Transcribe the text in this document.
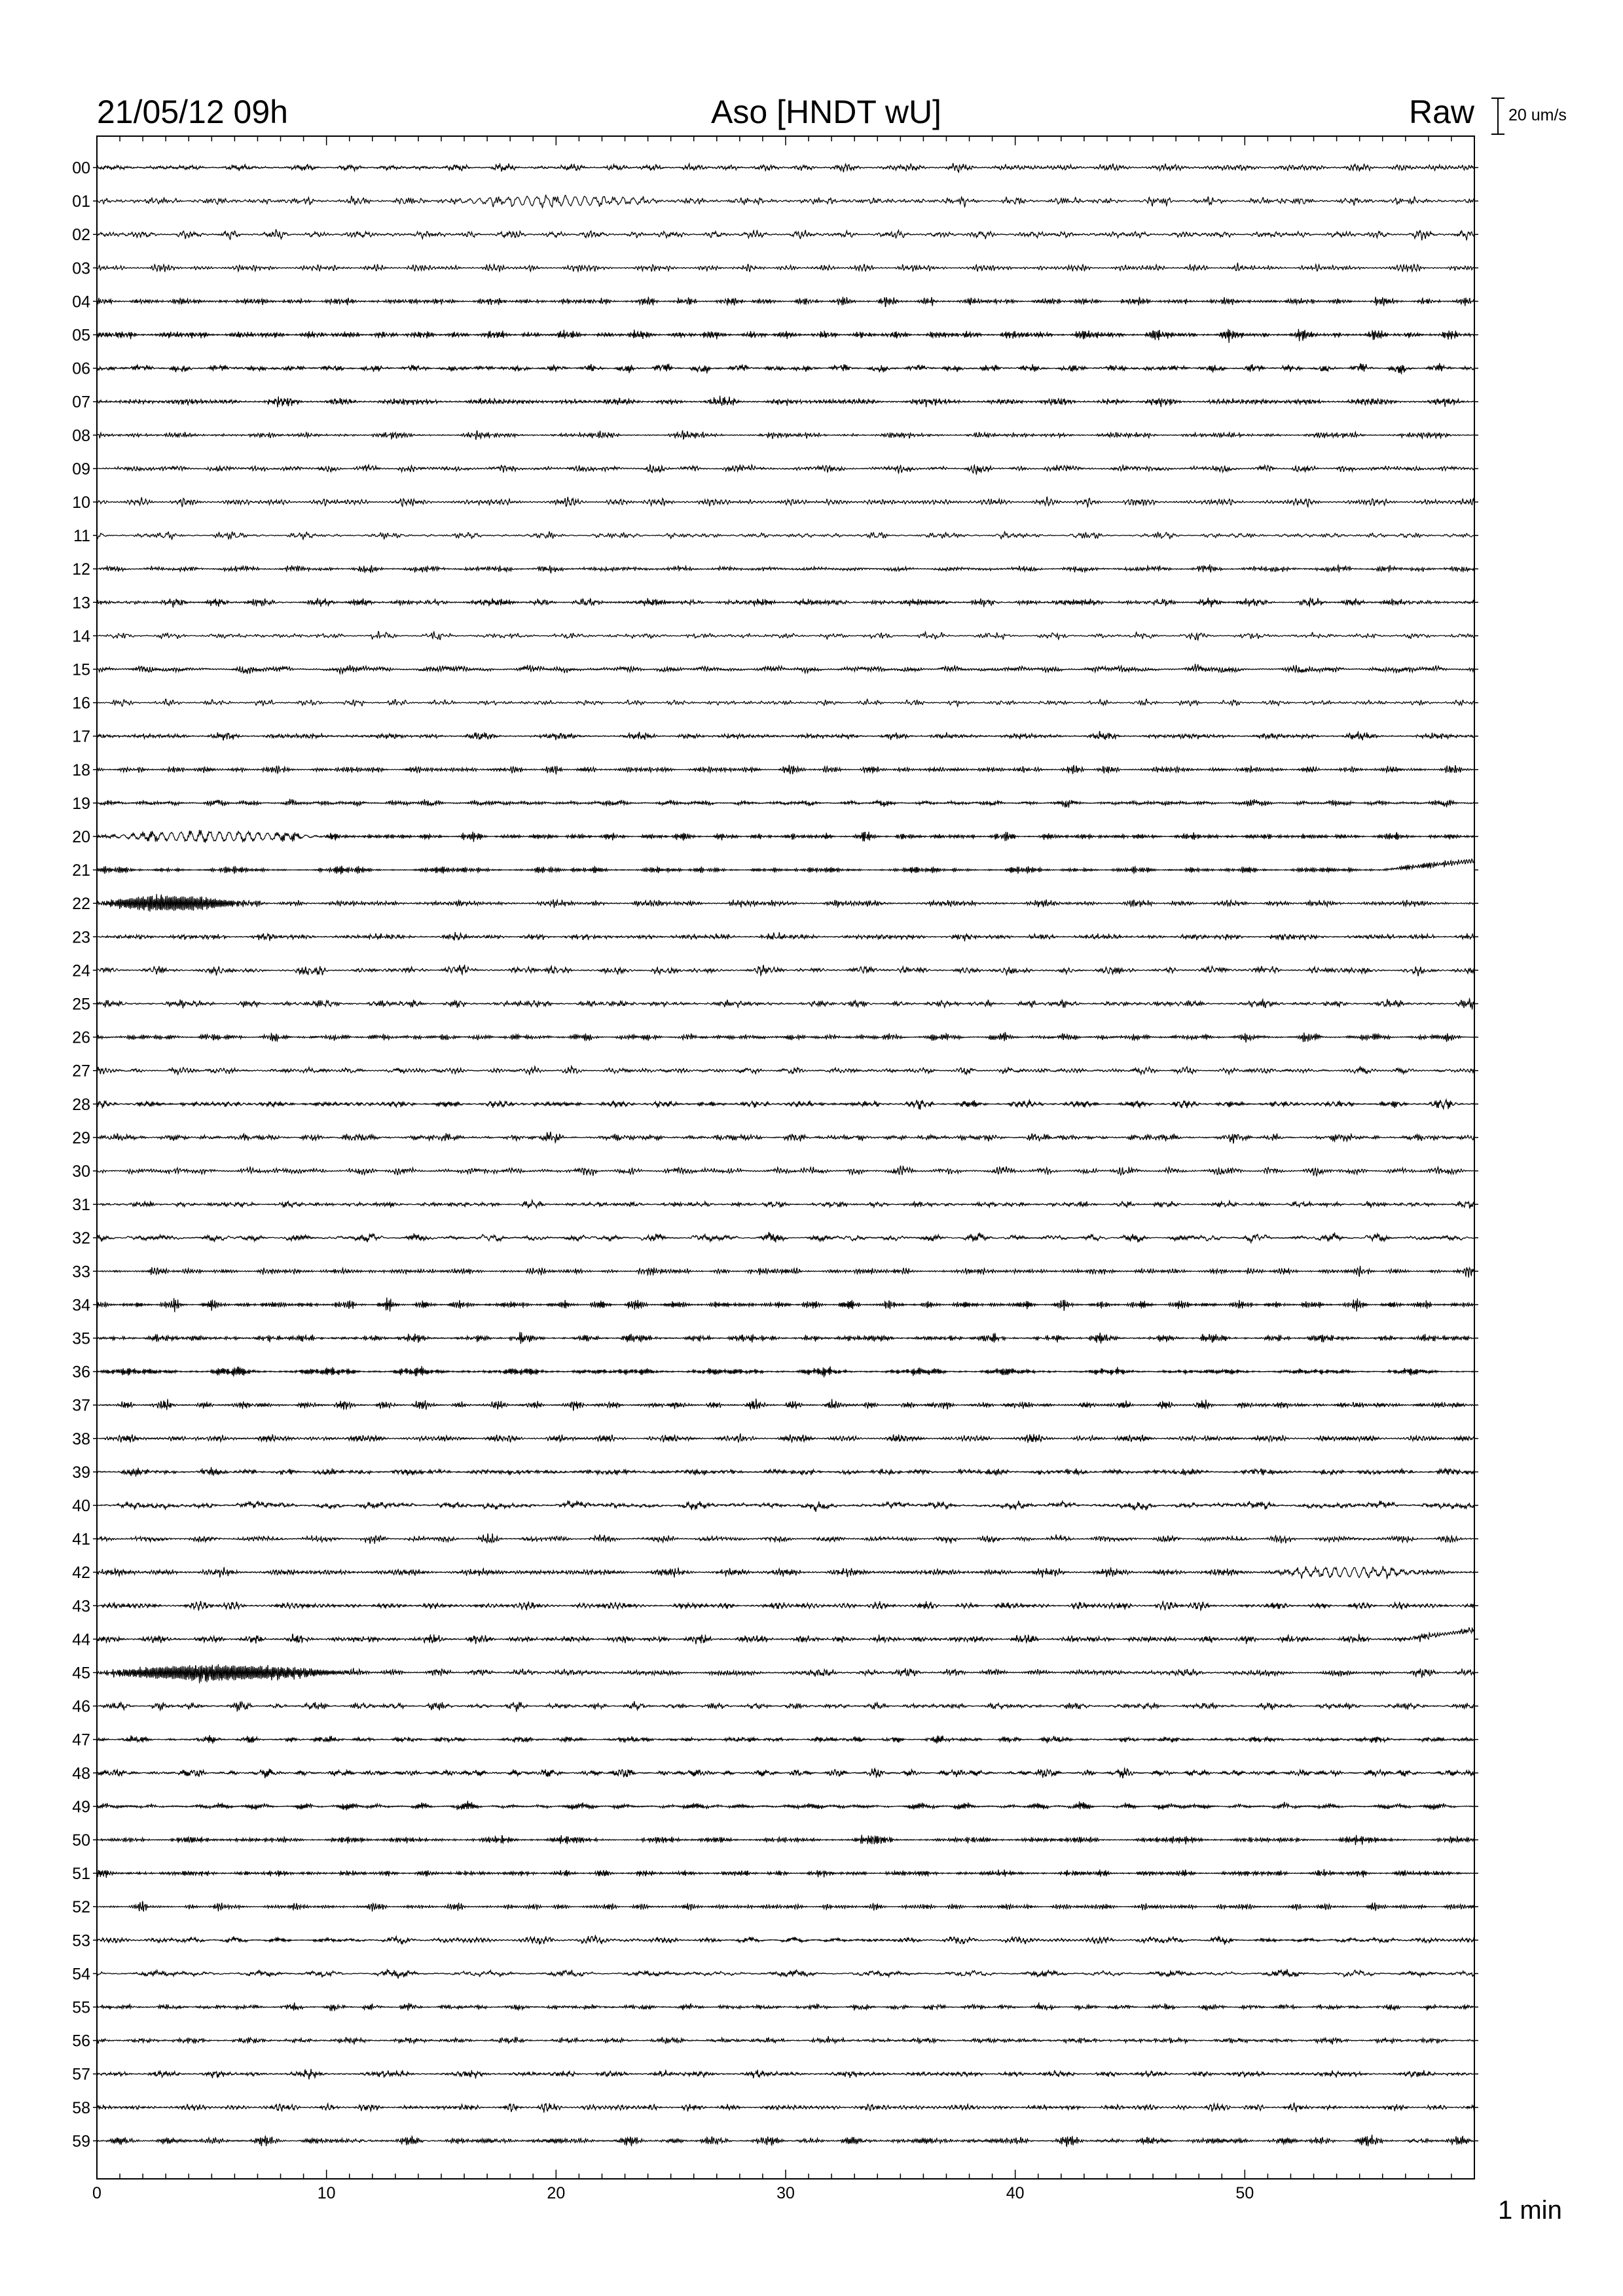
21/05/12 09h	Aso [HNDT wU]	Raw 20 um/s
0	10	20	30	40	50
00
01
02
03
04
05
06
07
08
09
10
11
12
13
14
15
16
17
18
19
20
21
22
23
24
25
26
27
28
29
30
31
32
33
34
35
36
37
38
39
40
41
42
43
44
45
46
47
48
49
50
51
52
53
54
55
56
57
58
59
1 min
